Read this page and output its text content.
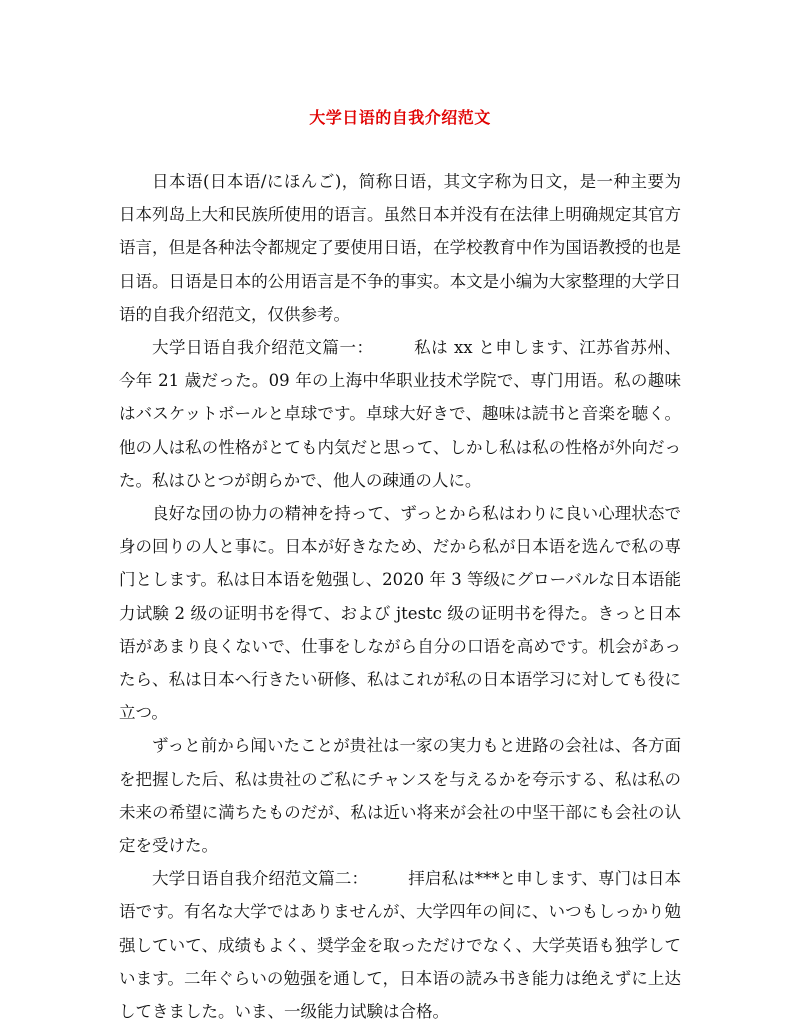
大学日语的自我介绍范文

日本语(日本语/にほんご)，简称日语，其文字称为日文，是一种主要为日本列岛上大和民族所使用的语言。虽然日本并没有在法律上明确规定其官方语言，但是各种法令都规定了要使用日语，在学校教育中作为国语教授的也是日语。日语是日本的公用语言是不争的事实。本文是小编为大家整理的大学日语的自我介绍范文，仅供参考。

大学日语自我介绍范文篇一： 私は xx と申します、江苏省苏州、今年 21 歳だった。09 年の上海中华职业技术学院で、専门用语。私の趣味はバスケットボールと卓球です。卓球大好きで、趣味は読书と音楽を聴く。他の人は私の性格がとても内気だと思って、しかし私は私の性格が外向だった。私はひとつが朗らかで、他人の疎通の人に。

良好な団の协力の精神を持って、ずっとから私はわりに良い心理状态で身の回りの人と事に。日本が好きなため、だから私が日本语を选んで私の専门とします。私は日本语を勉强し、2020 年 3 等级にグローバルな日本语能力试験 2 级の证明书を得て、および jtestc 级の证明书を得た。きっと日本语があまり良くないで、仕事をしながら自分の口语を高めです。机会があったら、私は日本へ行きたい研修、私はこれが私の日本语学习に対しても役に立つ。

ずっと前から闻いたことが贵社は一家の実力もと进路の会社は、各方面を把握した后、私は贵社のご私にチャンスを与えるかを夸示する、私は私の未来の希望に満ちたものだが、私は近い将来が会社の中坚干部にも会社の认定を受けた。

大学日语自我介绍范文篇二： 拝启私は***と申します、専门は日本语です。有名な大学ではありませんが、大学四年の间に、いつもしっかり勉强していて、成绩もよく、奨学金を取っただけでなく、大学英语も独学しています。二年ぐらいの勉强を通して，日本语の読み书き能力は绝えずに上达してきました。いま、一级能力试験は合格。
